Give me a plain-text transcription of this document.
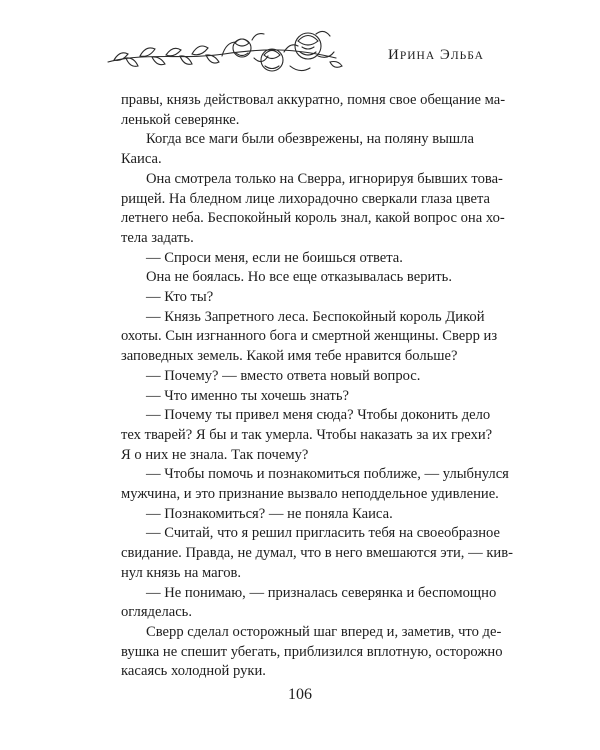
ИРИНА ЭЛЬБА

правы, князь действовал аккуратно, помня свое обещание ма-
ленькой северянке.

Когда все маги были обезврежены, на поляну вышла
Каиса.

Она смотрела только на Сверра, игнорируя бывших това-
рищей. На бледном лице лихорадочно сверкали глаза цвета
летнего неба. Беспокойный король знал, какой вопрос она хо-
тела задать.

— Спроси меня, если не боишься ответа.

Она не боялась. Но все еще отказывалась верить.

— Кто ты?

— Князь Запретного леса. Беспокойный король Дикой
охоты. Сын изгнанного бога и смертной женщины. Сверр из
заповедных земель. Какой имя тебе нравится больше?

— Почему? — вместо ответа новый вопрос.

— Что именно ты хочешь знать?

— Почему ты привел меня сюда? Чтобы доконить дело
тех тварей? Я бы и так умерла. Чтобы наказать за их грехи?
Я о них не знала. Так почему?

— Чтобы помочь и познакомиться поближе, — улыбнулся
мужчина, и это признание вызвало неподдельное удивление.

— Познакомиться? — не поняла Каиса.

— Считай, что я решил пригласить тебя на своеобразное
свидание. Правда, не думал, что в него вмешаются эти, — кив-
нул князь на магов.

— Не понимаю, — призналась северянка и беспомощно
огляделась.

Сверр сделал осторожный шаг вперед и, заметив, что де-
вушка не спешит убегать, приблизился вплотную, осторожно
касаясь холодной руки.

106
